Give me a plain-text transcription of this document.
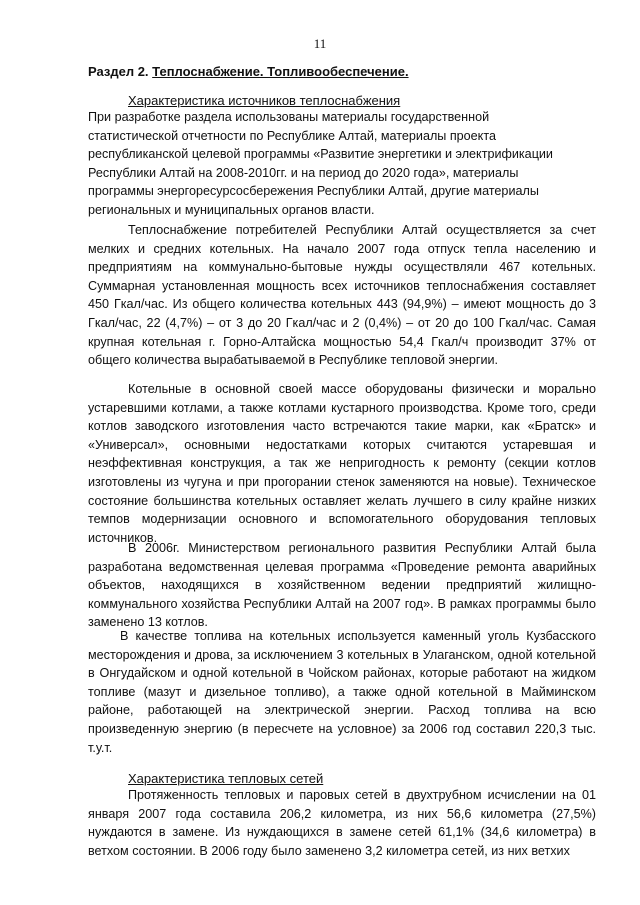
11
Раздел 2. Теплоснабжение. Топливообеспечение.
Характеристика источников теплоснабжения
При разработке раздела использованы материалы государственной
статистической отчетности по Республике Алтай, материалы проекта
республиканской целевой программы «Развитие энергетики и электрификации
Республики Алтай на 2008-2010гг. и на период до 2020 года», материалы
программы энергоресурсосбережения Республики Алтай, другие материалы
региональных и муниципальных органов власти.
Теплоснабжение потребителей Республики Алтай осуществляется за счет мелких и средних котельных. На начало 2007 года отпуск тепла населению и предприятиям на коммунально-бытовые нужды осуществляли 467 котельных. Суммарная установленная мощность всех источников теплоснабжения составляет 450 Гкал/час. Из общего количества котельных 443 (94,9%) – имеют мощность до 3 Гкал/час, 22 (4,7%) – от 3 до 20 Гкал/час и 2 (0,4%) – от 20 до 100 Гкал/час. Самая крупная котельная г. Горно-Алтайска мощностью 54,4 Гкал/ч производит 37% от общего количества вырабатываемой в Республике тепловой энергии.
Котельные в основной своей массе оборудованы физически и морально устаревшими котлами, а также котлами кустарного производства. Кроме того, среди котлов заводского изготовления часто встречаются такие марки, как «Братск» и «Универсал», основными недостатками которых считаются устаревшая и неэффективная конструкция, а так же непригодность к ремонту (секции котлов изготовлены из чугуна и при прогорании стенок заменяются на новые). Техническое состояние большинства котельных оставляет желать лучшего в силу крайне низких темпов модернизации основного и вспомогательного оборудования тепловых источников.
В 2006г. Министерством регионального развития Республики Алтай была разработана ведомственная целевая программа «Проведение ремонта аварийных объектов, находящихся в хозяйственном ведении предприятий жилищно-коммунального хозяйства Республики Алтай на 2007 год». В рамках программы было заменено 13 котлов.
В качестве топлива на котельных используется каменный уголь Кузбасского месторождения и дрова, за исключением 3 котельных в Улаганском, одной котельной в Онгудайском и одной котельной в Чойском районах, которые работают на жидком топливе (мазут и дизельное топливо), а также одной котельной в Майминском районе, работающей на электрической энергии. Расход топлива на всю произведенную энергию (в пересчете на условное) за 2006 год составил 220,3 тыс. т.у.т.
Характеристика тепловых сетей
Протяженность тепловых и паровых сетей в двухтрубном исчислении на 01 января 2007 года составила 206,2 километра, из них 56,6 километра (27,5%) нуждаются в замене. Из нуждающихся в замене сетей 61,1% (34,6 километра) в ветхом состоянии. В 2006 году было заменено 3,2 километра сетей, из них ветхих
